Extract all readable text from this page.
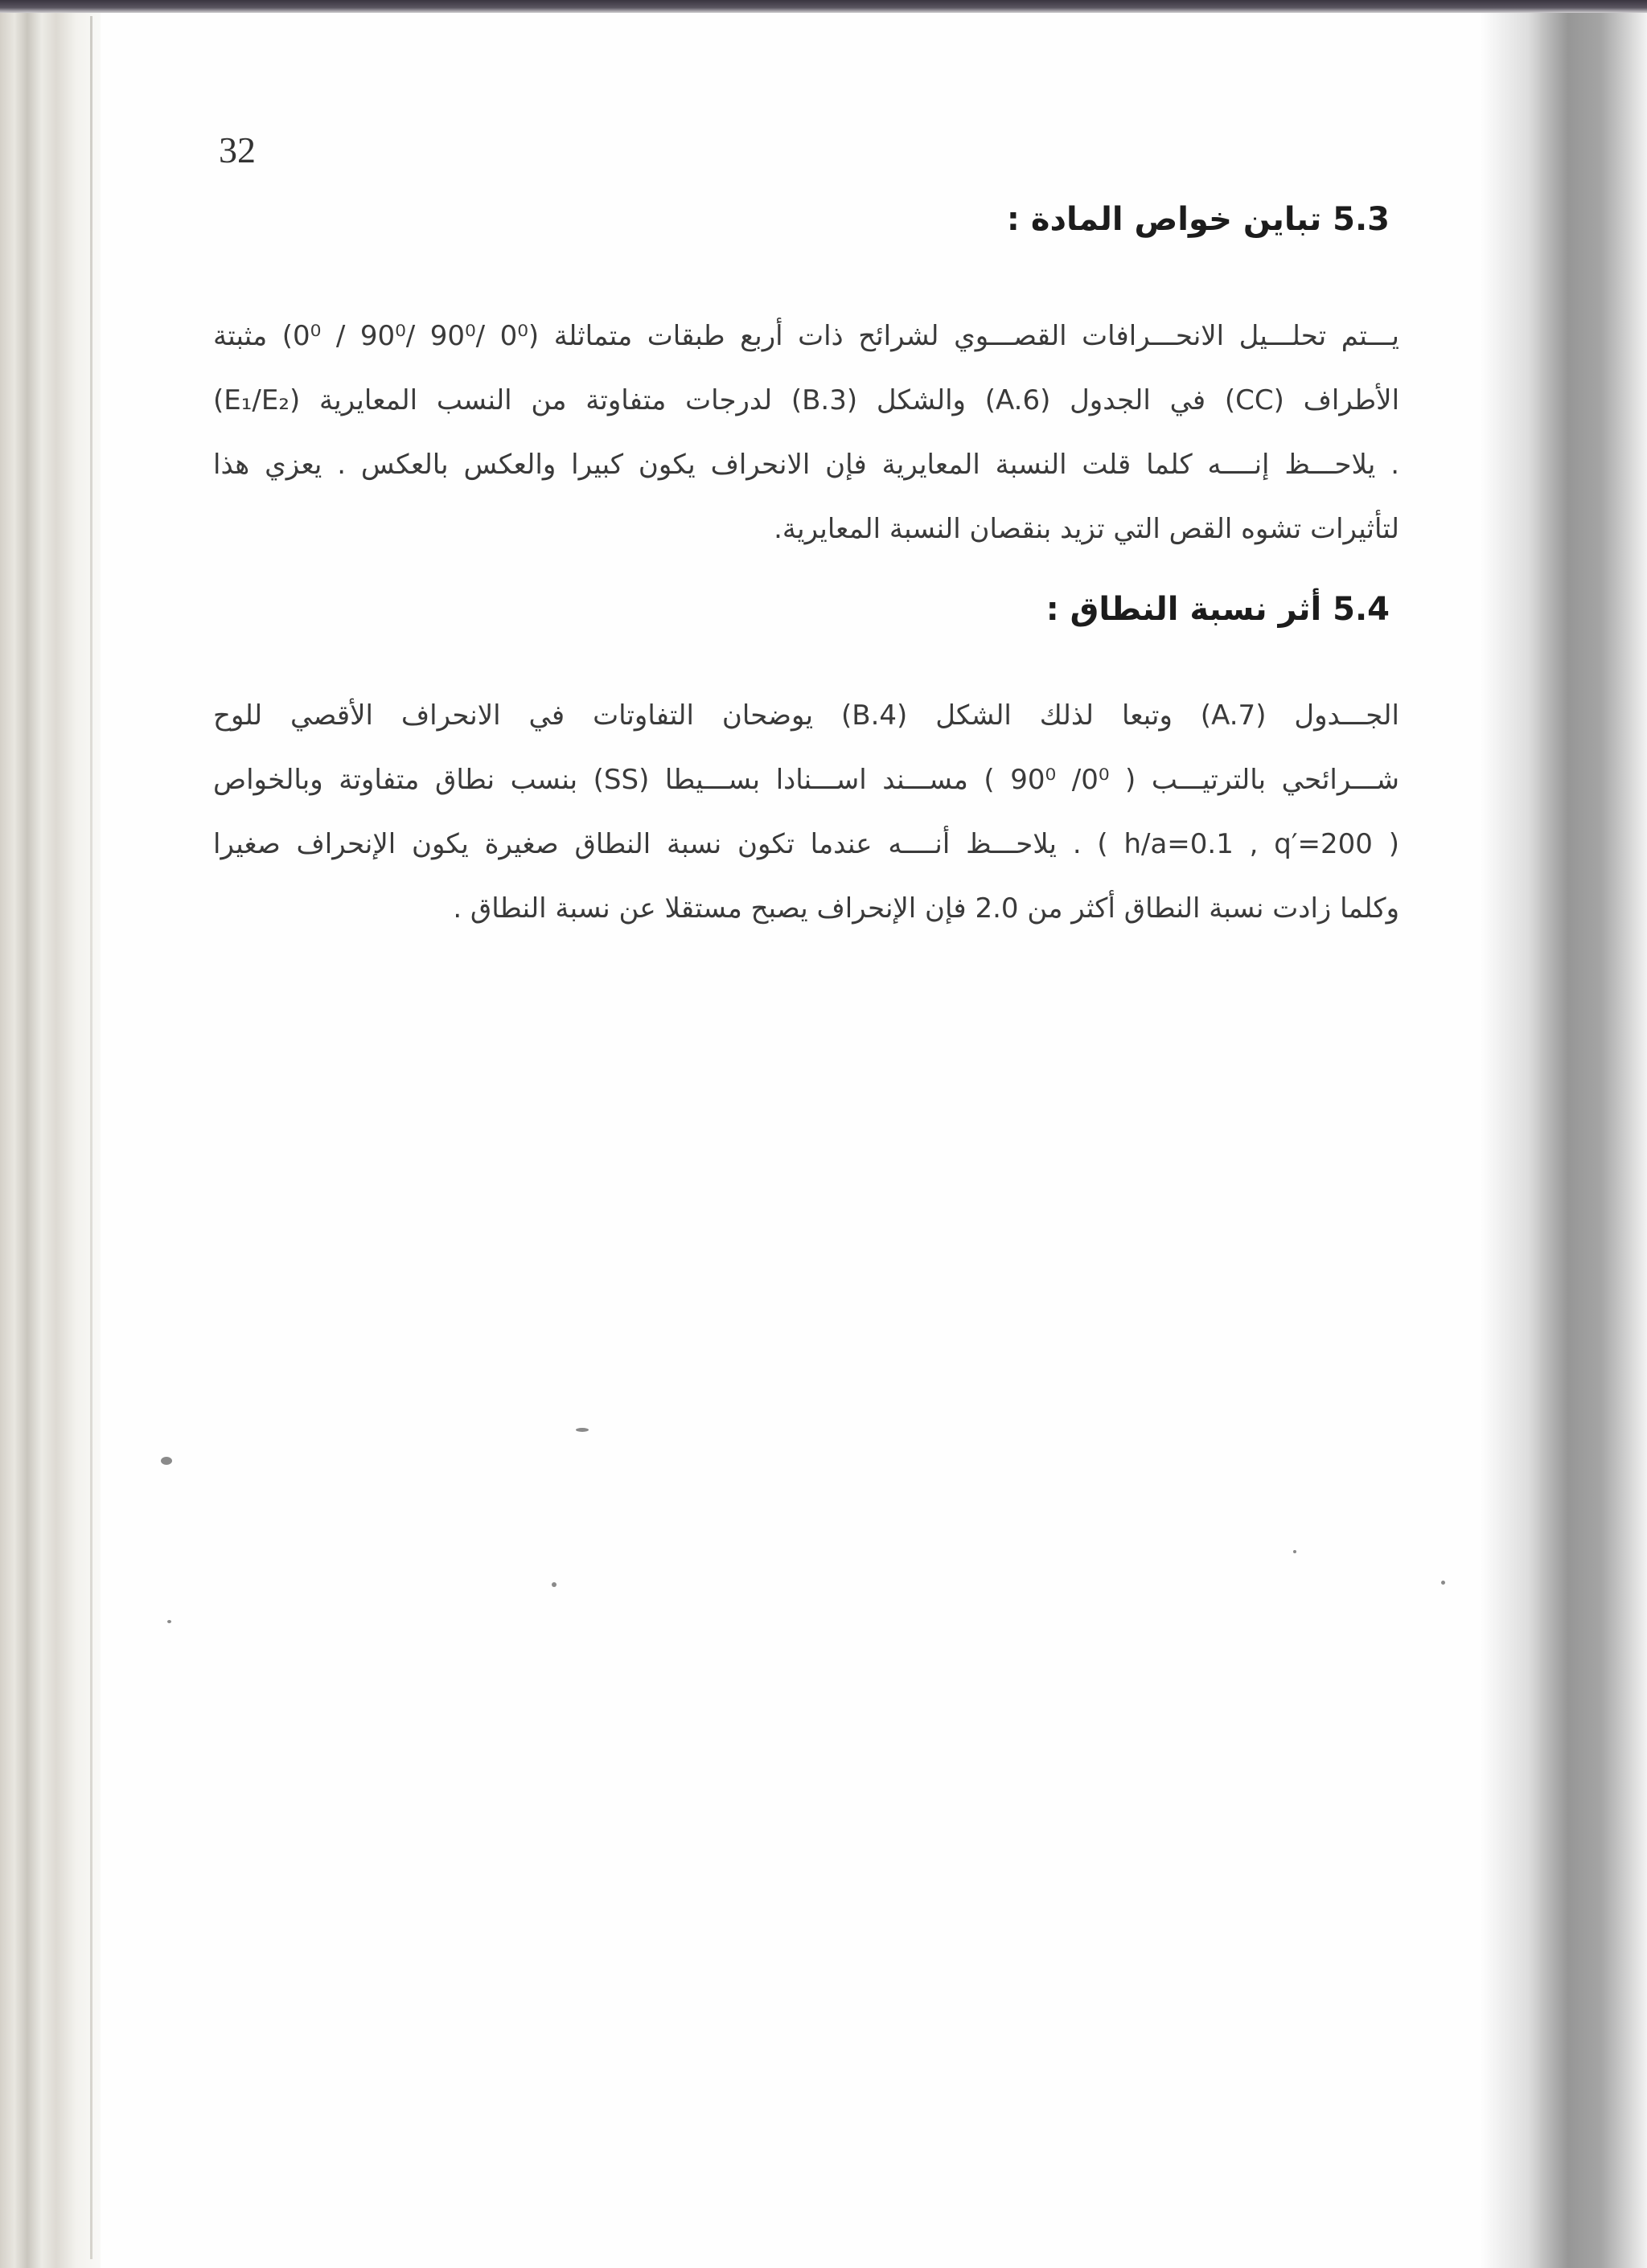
32
5.3 تباين خواص المادة :
يـــتم تحلـــيل الانحـــرافات القصـــوي لشرائح ذات أربع طبقات متماثلة (0⁰ /90⁰ /90⁰ / 0⁰) مثبتة
الأطراف (CC) في الجدول (A.6) والشكل (B.3) لدرجات متفاوتة من النسب المعايرية (E₁/E₂)
. يلاحـــظ إنــــه كلما قلت النسبة المعايرية فإن الانحراف يكون كبيرا والعكس بالعكس . يعزي هذا
لتأثيرات تشوه القص التي تزيد بنقصان النسبة المعايرية.
5.4 أثر نسبة النطاق :
الجـــدول (A.7) وتبعا لذلك الشكل (B.4) يوضحان التفاوتات في الانحراف الأقصي للوح
شـــرائحي بالترتيـــب ( 0⁰/ 90⁰ ) مســـند اســـنادا بســـيطا (SS) بنسب نطاق متفاوتة وبالخواص
( h/a=0.1 , q′=200 ) . يلاحـــظ أنــــه عندما تكون نسبة النطاق صغيرة يكون الإنحراف صغيرا
وكلما زادت نسبة النطاق أكثر من 2.0 فإن الإنحراف يصبح مستقلا عن نسبة النطاق .
